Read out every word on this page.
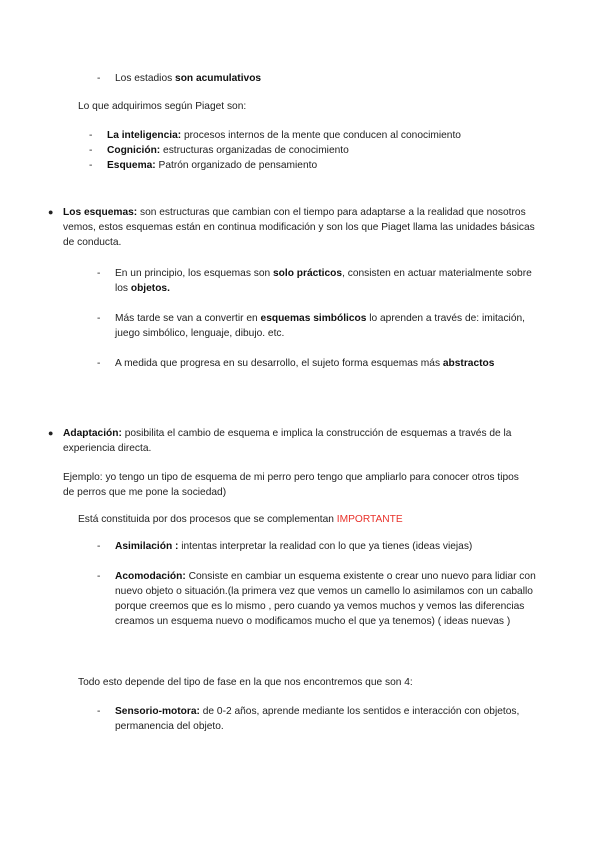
- Los estadios son acumulativos
Lo que adquirimos según Piaget son:
- La inteligencia: procesos internos de la mente que conducen al conocimiento
- Cognición: estructuras organizadas de conocimiento
- Esquema: Patrón organizado de pensamiento
● Los esquemas: son estructuras que cambian con el tiempo para adaptarse a la realidad que nosotros vemos, estos esquemas están en continua modificación y son los que Piaget llama las unidades básicas de conducta.
- En un principio, los esquemas son solo prácticos, consisten en actuar materialmente sobre los objetos.
- Más tarde se van a convertir en esquemas simbólicos lo aprenden a través de: imitación, juego simbólico, lenguaje, dibujo. etc.
- A medida que progresa en su desarrollo, el sujeto forma esquemas más abstractos
● Adaptación: posibilita el cambio de esquema e implica la construcción de esquemas a través de la experiencia directa.
Ejemplo: yo tengo un tipo de esquema de mi perro pero tengo que ampliarlo para conocer otros tipos de perros que me pone la sociedad)
Está constituida por dos procesos que se complementan IMPORTANTE
- Asimilación : intentas interpretar la realidad con lo que ya tienes (ideas viejas)
- Acomodación: Consiste en cambiar un esquema existente o crear uno nuevo para lidiar con nuevo objeto o situación.(la primera vez que vemos un camello lo asimilamos con un caballo porque creemos que es lo mismo , pero cuando ya vemos muchos y vemos las diferencias creamos un esquema nuevo o modificamos mucho el que ya tenemos) ( ideas nuevas )
Todo esto depende del tipo de fase en la que nos encontremos que son 4:
- Sensorio-motora: de 0-2 años, aprende mediante los sentidos e interacción con objetos, permanencia del objeto.
